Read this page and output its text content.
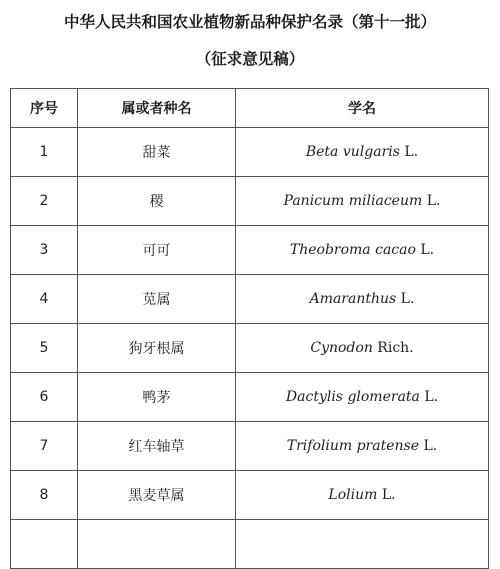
中华人民共和国农业植物新品种保护名录（第十一批）
（征求意见稿）
序号	属或者种名	学名
1	甜菜	Beta vulgaris L.
2	稷	Panicum miliaceum L.
3	可可	Theobroma cacao L.
4	苋属	Amaranthus L.
5	狗牙根属	Cynodon Rich.
6	鸭茅	Dactylis glomerata L.
7	红车轴草	Trifolium pratense L.
8	黑麦草属	Lolium L.
